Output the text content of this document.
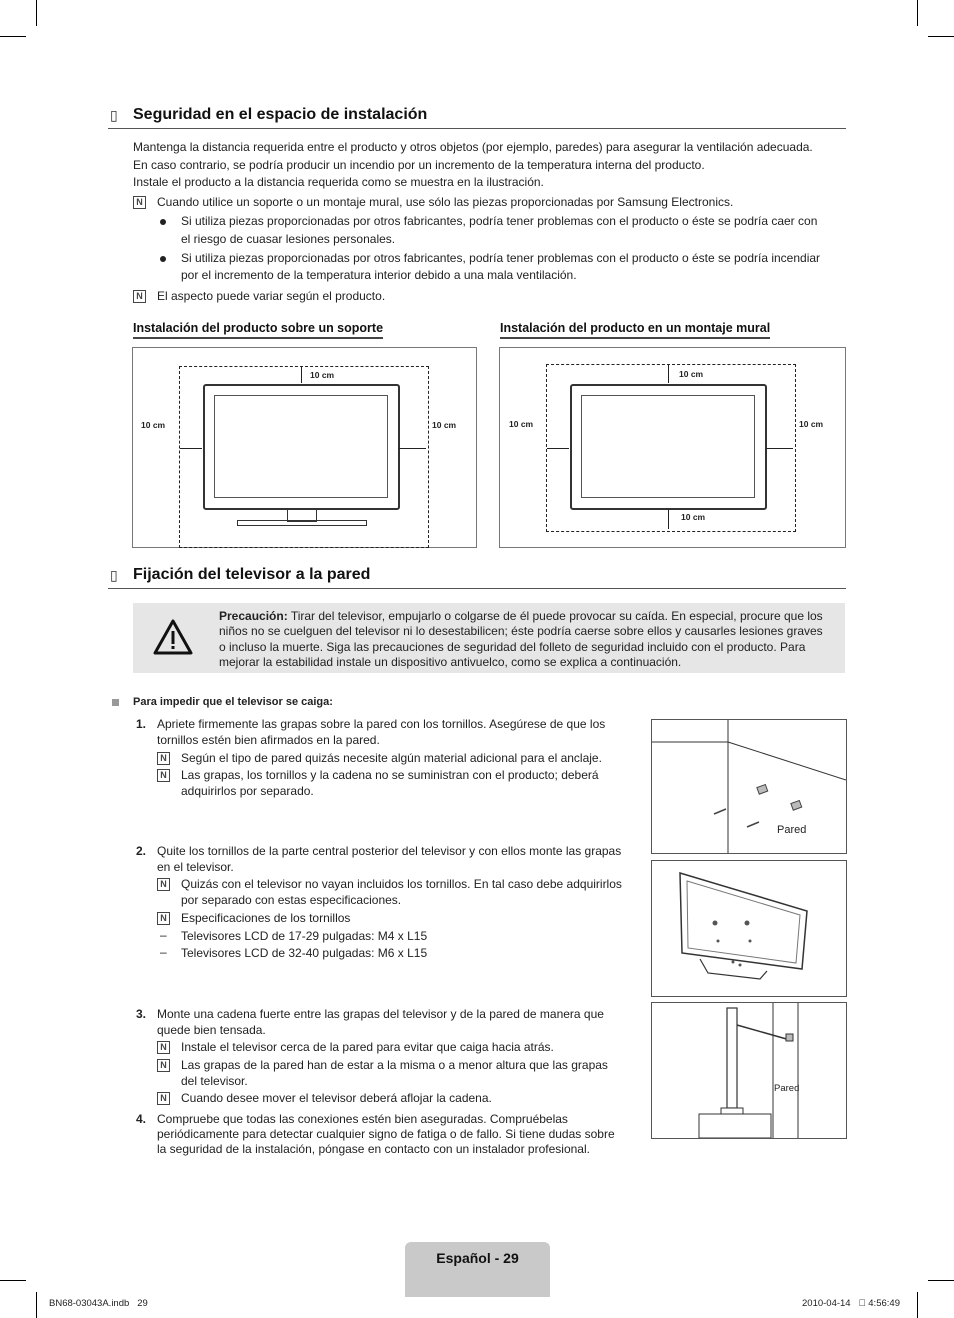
▯ Seguridad en el espacio de instalación

Mantenga la distancia requerida entre el producto y otros objetos (por ejemplo, paredes) para asegurar la ventilación adecuada.

En caso contrario, se podría producir un incendio por un incremento de la temperatura interna del producto.

Instale el producto a la distancia requerida como se muestra en la ilustración.

N Cuando utilice un soporte o un montaje mural, use sólo las piezas proporcionadas por Samsung Electronics.

Si utiliza piezas proporcionadas por otros fabricantes, podría tener problemas con el producto o éste se podría caer con

el riesgo de cuasar lesiones personales.

Si utiliza piezas proporcionadas por otros fabricantes, podría tener problemas con el producto o éste se podría incendiar

por el incremento de la temperatura interior debido a una mala ventilación.

N El aspecto puede variar según el producto.

Instalación del producto sobre un soporte
10 cm
10 cm	10 cm
Instalación del producto en un montaje mural
10 cm
10 cm
10 cm	10 cm
▯ Fijación del televisor a la pared

Precaución: Tirar del televisor, empujarlo o colgarse de él puede provocar su caída. En especial, procure que los

niños no se cuelguen del televisor ni lo desestabilicen; éste podría caerse sobre ellos y causarles lesiones graves

o incluso la muerte. Siga las precauciones de seguridad del folleto de seguridad incluido con el producto. Para

mejorar la estabilidad instale un dispositivo antivuelco, como se explica a continuación.

Para impedir que el televisor se caiga:

1. Apriete firmemente las grapas sobre la pared con los tornillos. Asegúrese de que los

tornillos estén bien afirmados en la pared.

N Según el tipo de pared quizás necesite algún material adicional para el anclaje.

N Las grapas, los tornillos y la cadena no se suministran con el producto; deberá

adquirirlos por separado.

2. Quite los tornillos de la parte central posterior del televisor y con ellos monte las grapas

en el televisor.

N Quizás con el televisor no vayan incluidos los tornillos. En tal caso debe adquirirlos

por separado con estas especificaciones.

N Especificaciones de los tornillos

– Televisores LCD de 17-29 pulgadas: M4 x L15

– Televisores LCD de 32-40 pulgadas: M6 x L15

3. Monte una cadena fuerte entre las grapas del televisor y de la pared de manera que

quede bien tensada.

N Instale el televisor cerca de la pared para evitar que caiga hacia atrás.

N Las grapas de la pared han de estar a la misma o a menor altura que las grapas

del televisor.

N Cuando desee mover el televisor deberá aflojar la cadena.

4. Compruebe que todas las conexiones estén bien aseguradas. Compruébelas

periódicamente para detectar cualquier signo de fatiga o de fallo. Si tiene dudas sobre

la seguridad de la instalación, póngase en contacto con un instalador profesional.

Pared
Pared
Español - 29
BN68-03043A.indb   29	2010-04-14     4:56:49
